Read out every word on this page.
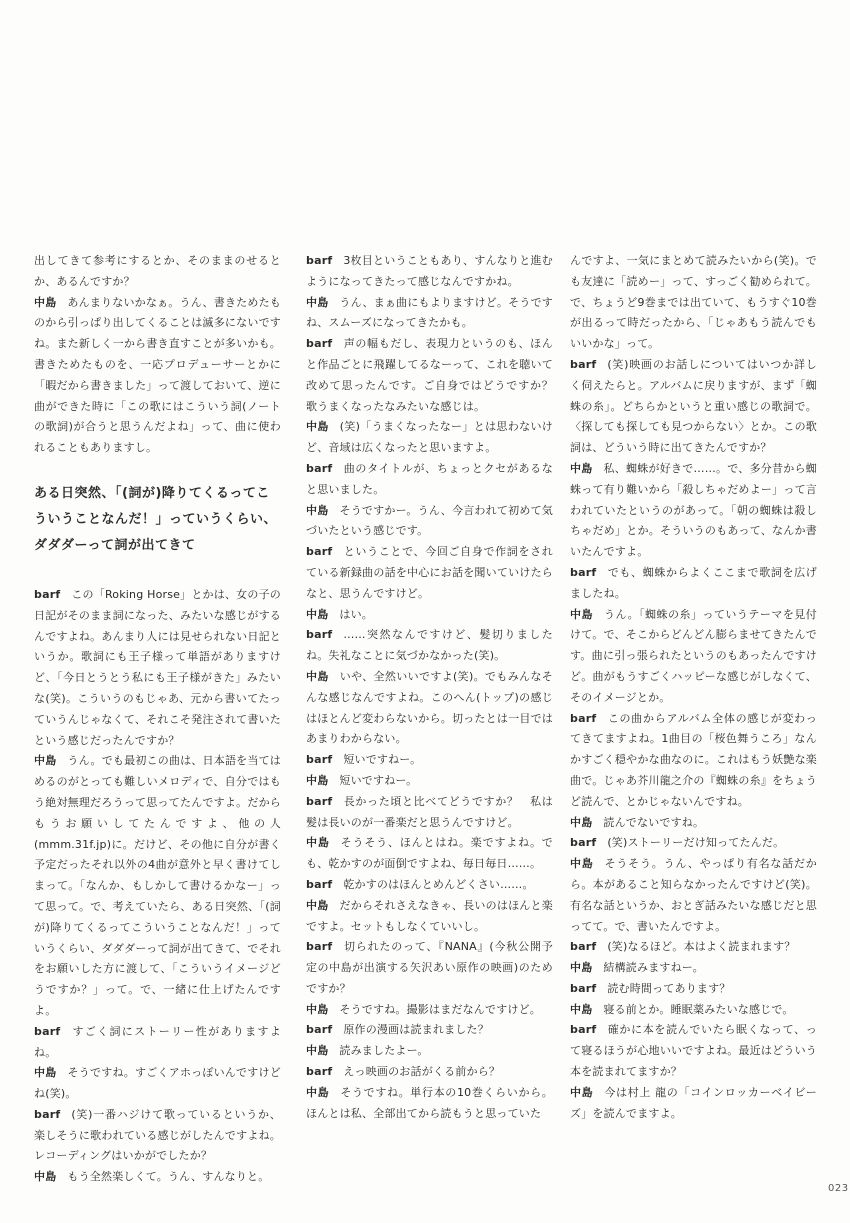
出してきて参考にするとか、そのままのせるとか、あるんですか？

中島 あんまりないかなぁ。うん、書きためたものから引っぱり出してくることは滅多にないですね。また新しく一から書き直すことが多いかも。書きためたものを、一応プロデューサーとかに「暇だから書きました」って渡しておいて、逆に曲ができた時に「この歌にはこういう詞(ノートの歌詞)が合うと思うんだよね」って、曲に使われることもありますし。

ある日突然、「(詞が)降りてくるってこういうことなんだ！」っていうくらい、ダダダーって詞が出てきて

barf この「Roking Horse」とかは、女の子の日記がそのまま詞になった、みたいな感じがするんですよね。あんまり人には見せられない日記というか。歌詞にも王子様って単語がありますけど、「今日とうとう私にも王子様がきた」みたいな(笑)。こういうのもじゃあ、元から書いてたっていうんじゃなくて、それこそ発注されて書いたという感じだったんですか？

中島 うん。でも最初この曲は、日本語を当てはめるのがとっても難しいメロディで、自分ではもう絶対無理だろうって思ってたんですよ。だからもうお願いしてたんですよ、他の人(mmm.31f.jp)に。だけど、その他に自分が書く予定だったそれ以外の4曲が意外と早く書けてしまって。「なんか、もしかして書けるかなー」って思って。で、考えていたら、ある日突然、「(詞が)降りてくるってこういうことなんだ！」っていうくらい、ダダダーって詞が出てきて、でそれをお願いした方に渡して、「こういうイメージどうですか？」って。で、一緒に仕上げたんですよ。

barf すごく詞にストーリー性がありますよね。

中島 そうですね。すごくアホっぽいんですけどね(笑)。

barf (笑)一番ハジけて歌っているというか、楽しそうに歌われている感じがしたんですよね。レコーディングはいかがでしたか？

中島 もう全然楽しくて。うん、すんなりと。

barf 3枚目ということもあり、すんなりと進むようになってきたって感じなんですかね。

中島 うん、まぁ曲にもよりますけど。そうですね、スムーズになってきたかも。

barf 声の幅もだし、表現力というのも、ほんと作品ごとに飛躍してるなーって、これを聴いて改めて思ったんです。ご自身ではどうですか？　歌うまくなったなみたいな感じは。

中島 (笑)「うまくなったなー」とは思わないけど、音域は広くなったと思いますよ。

barf 曲のタイトルが、ちょっとクセがあるなと思いました。

中島 そうですかー。うん、今言われて初めて気づいたという感じです。

barf ということで、今回ご自身で作詞をされている新録曲の話を中心にお話を聞いていけたらなと、思うんですけど。

中島 はい。

barf ……突然なんですけど、髪切りましたね。失礼なことに気づかなかった(笑)。

中島 いや、全然いいですよ(笑)。でもみんなそんな感じなんですよね。このへん(トップ)の感じはほとんど変わらないから。切ったとは一目ではあまりわからない。

barf 短いですねー。

中島 短いですねー。

barf 長かった頃と比べてどうですか？　私は髪は長いのが一番楽だと思うんですけど。

中島 そうそう、ほんとはね。楽ですよね。でも、乾かすのが面倒ですよね、毎日毎日……。

barf 乾かすのはほんとめんどくさい……。

中島 だからそれさえなきゃ、長いのはほんと楽ですよ。セットもしなくていいし。

barf 切られたのって、『NANA』(今秋公開予定の中島が出演する矢沢あい原作の映画)のためですか？

中島 そうですね。撮影はまだなんですけど。

barf 原作の漫画は読まれました？

中島 読みましたよー。

barf えっ映画のお話がくる前から？

中島 そうですね。単行本の10巻くらいから。ほんとは私、全部出てから読もうと思っていた

んですよ、一気にまとめて読みたいから(笑)。でも友達に「読めー」って、すっごく勧められて。で、ちょうど9巻までは出ていて、もうすぐ10巻が出るって時だったから、「じゃあもう読んでもいいかな」って。

barf (笑)映画のお話しについてはいつか詳しく伺えたらと。アルバムに戻りますが、まず「蜘蛛の糸」。どちらかというと重い感じの歌詞で。〈探しても探しても見つからない〉とか。この歌詞は、どういう時に出てきたんですか？

中島 私、蜘蛛が好きで……。で、多分昔から蜘蛛って有り難いから「殺しちゃだめよー」って言われていたというのがあって。「朝の蜘蛛は殺しちゃだめ」とか。そういうのもあって、なんか書いたんですよ。

barf でも、蜘蛛からよくここまで歌詞を広げましたね。

中島 うん。「蜘蛛の糸」っていうテーマを見付けて。で、そこからどんどん膨らませてきたんです。曲に引っ張られたというのもあったんですけど。曲がもうすごくハッピーな感じがしなくて、そのイメージとか。

barf この曲からアルバム全体の感じが変わってきてますよね。1曲目の「桜色舞うころ」なんかすごく穏やかな曲なのに。これはもう妖艶な楽曲で。じゃあ芥川龍之介の『蜘蛛の糸』をちょうど読んで、とかじゃないんですね。

中島 読んでないですね。

barf (笑)ストーリーだけ知ってたんだ。

中島 そうそう。うん、やっぱり有名な話だから。本があること知らなかったんですけど(笑)。有名な話というか、おとぎ話みたいな感じだと思ってて。で、書いたんですよ。

barf (笑)なるほど。本はよく読まれます？

中島 結構読みますねー。

barf 読む時間ってあります？

中島 寝る前とか。睡眠薬みたいな感じで。

barf 確かに本を読んでいたら眠くなって、って寝るほうが心地いいですよね。最近はどういう本を読まれてますか？

中島 今は村上 龍の「コインロッカーベイビーズ」を読んでますよ。

023
